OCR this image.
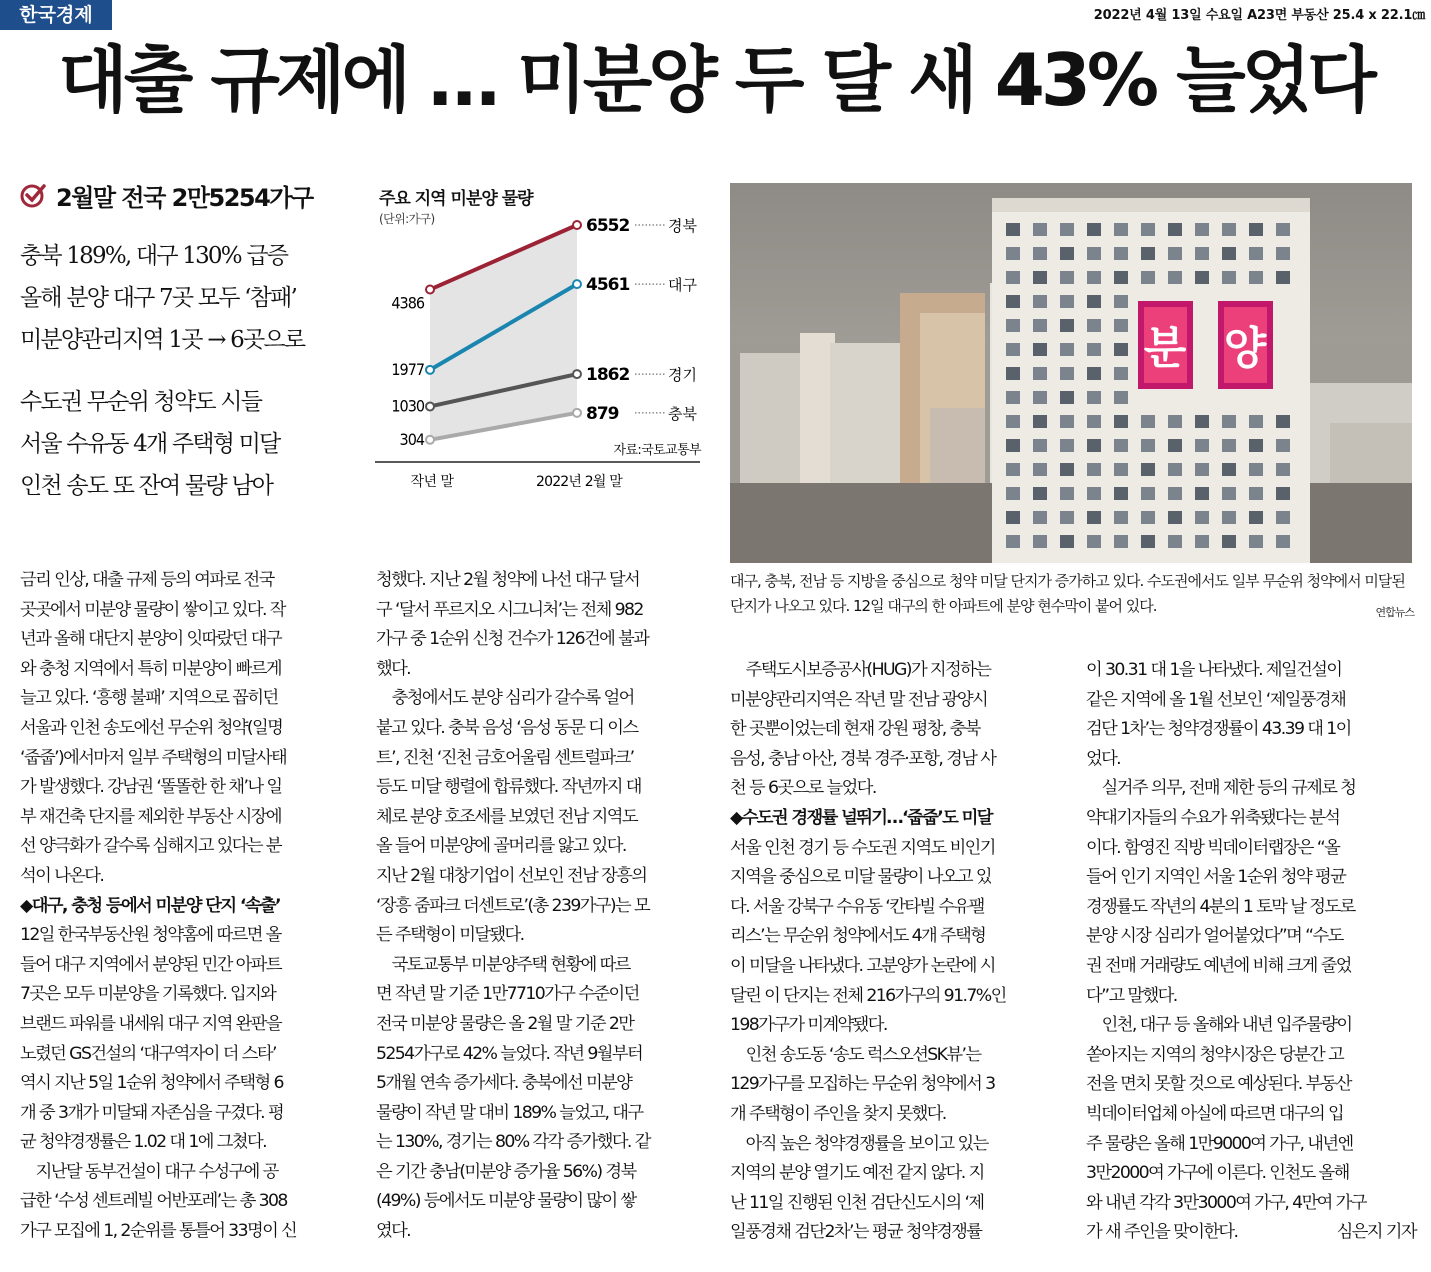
한국경제	2022년 4월 13일 수요일 A23면 부동산 25.4 x 22.1㎝
대출 규제에 … 미분양 두 달 새 43% 늘었다
2월말 전국 2만5254가구
충북 189%, 대구 130% 급증
올해 분양 대구 7곳 모두 ‘참패’
미분양관리지역 1곳 → 6곳으로
수도권 무순위 청약도 시들
서울 수유동 4개 주택형 미달
인천 송도 또 잔여 물량 남아
주요 지역 미분양 물량
(단위:가구)
4386
6552	경북
1977
4561	대구
1030
1862	경기
304
879	충북
작년 말	2022년 2월 말
자료:국토교통부
분 양
대구, 충북, 전남 등 지방을 중심으로 청약 미달 단지가 증가하고 있다. 수도권에서도 일부 무순위 청약에서 미달된 단지가 나오고 있다. 12일 대구의 한 아파트에 분양 현수막이 붙어 있다.	연합뉴스

금리 인상, 대출 규제 등의 여파로 전국

곳곳에서 미분양 물량이 쌓이고 있다. 작

년과 올해 대단지 분양이 잇따랐던 대구

와 충청 지역에서 특히 미분양이 빠르게

늘고 있다. ‘흥행 불패’ 지역으로 꼽히던

서울과 인천 송도에선 무순위 청약(일명

‘줍줍’)에서마저 일부 주택형의 미달사태

가 발생했다. 강남권 ‘똘똘한 한 채’나 일

부 재건축 단지를 제외한 부동산 시장에

선 양극화가 갈수록 심해지고 있다는 분

석이 나온다.

◆대구, 충청 등에서 미분양 단지 ‘속출’

12일 한국부동산원 청약홈에 따르면 올

들어 대구 지역에서 분양된 민간 아파트

7곳은 모두 미분양을 기록했다. 입지와

브랜드 파워를 내세워 대구 지역 완판을

노렸던 GS건설의 ‘대구역자이 더 스타’

역시 지난 5일 1순위 청약에서 주택형 6

개 중 3개가 미달돼 자존심을 구겼다. 평

균 청약경쟁률은 1.02 대 1에 그쳤다.

　지난달 동부건설이 대구 수성구에 공

급한 ‘수성 센트레빌 어반포레’는 총 308

가구 모집에 1, 2순위를 통틀어 33명이 신

청했다. 지난 2월 청약에 나선 대구 달서

구 ‘달서 푸르지오 시그니처’는 전체 982

가구 중 1순위 신청 건수가 126건에 불과

했다.

　충청에서도 분양 심리가 갈수록 얼어

붙고 있다. 충북 음성 ‘음성 동문 디 이스

트’, 진천 ‘진천 금호어울림 센트럴파크’

등도 미달 행렬에 합류했다. 작년까지 대

체로 분양 호조세를 보였던 전남 지역도

올 들어 미분양에 골머리를 앓고 있다.

지난 2월 대창기업이 선보인 전남 장흥의

‘장흥 줌파크 더센트로’(총 239가구)는 모

든 주택형이 미달됐다.

　국토교통부 미분양주택 현황에 따르

면 작년 말 기준 1만7710가구 수준이던

전국 미분양 물량은 올 2월 말 기준 2만

5254가구로 42% 늘었다. 작년 9월부터

5개월 연속 증가세다. 충북에선 미분양

물량이 작년 말 대비 189% 늘었고, 대구

는 130%, 경기는 80% 각각 증가했다. 같

은 기간 충남(미분양 증가율 56%) 경북

(49%) 등에서도 미분양 물량이 많이 쌓

였다.

　주택도시보증공사(HUG)가 지정하는

미분양관리지역은 작년 말 전남 광양시

한 곳뿐이었는데 현재 강원 평창, 충북

음성, 충남 아산, 경북 경주·포항, 경남 사

천 등 6곳으로 늘었다.

◆수도권 경쟁률 널뛰기…‘줍줍’도 미달

서울 인천 경기 등 수도권 지역도 비인기

지역을 중심으로 미달 물량이 나오고 있

다. 서울 강북구 수유동 ‘칸타빌 수유팰

리스’는 무순위 청약에서도 4개 주택형

이 미달을 나타냈다. 고분양가 논란에 시

달린 이 단지는 전체 216가구의 91.7%인

198가구가 미계약됐다.

　인천 송도동 ‘송도 럭스오션SK뷰’는

129가구를 모집하는 무순위 청약에서 3

개 주택형이 주인을 찾지 못했다.

　아직 높은 청약경쟁률을 보이고 있는

지역의 분양 열기도 예전 같지 않다. 지

난 11일 진행된 인천 검단신도시의 ‘제

일풍경채 검단2차’는 평균 청약경쟁률

이 30.31 대 1을 나타냈다. 제일건설이

같은 지역에 올 1월 선보인 ‘제일풍경채

검단 1차’는 청약경쟁률이 43.39 대 1이

었다.

　실거주 의무, 전매 제한 등의 규제로 청

약대기자들의 수요가 위축됐다는 분석

이다. 함영진 직방 빅데이터랩장은 “올

들어 인기 지역인 서울 1순위 청약 평균

경쟁률도 작년의 4분의 1 토막 날 정도로

분양 시장 심리가 얼어붙었다”며 “수도

권 전매 거래량도 예년에 비해 크게 줄었

다”고 말했다.

　인천, 대구 등 올해와 내년 입주물량이

쏟아지는 지역의 청약시장은 당분간 고

전을 면치 못할 것으로 예상된다. 부동산

빅데이터업체 아실에 따르면 대구의 입

주 물량은 올해 1만9000여 가구, 내년엔

3만2000여 가구에 이른다. 인천도 올해

와 내년 각각 3만3000여 가구, 4만여 가구

가 새 주인을 맞이한다.	심은지 기자
